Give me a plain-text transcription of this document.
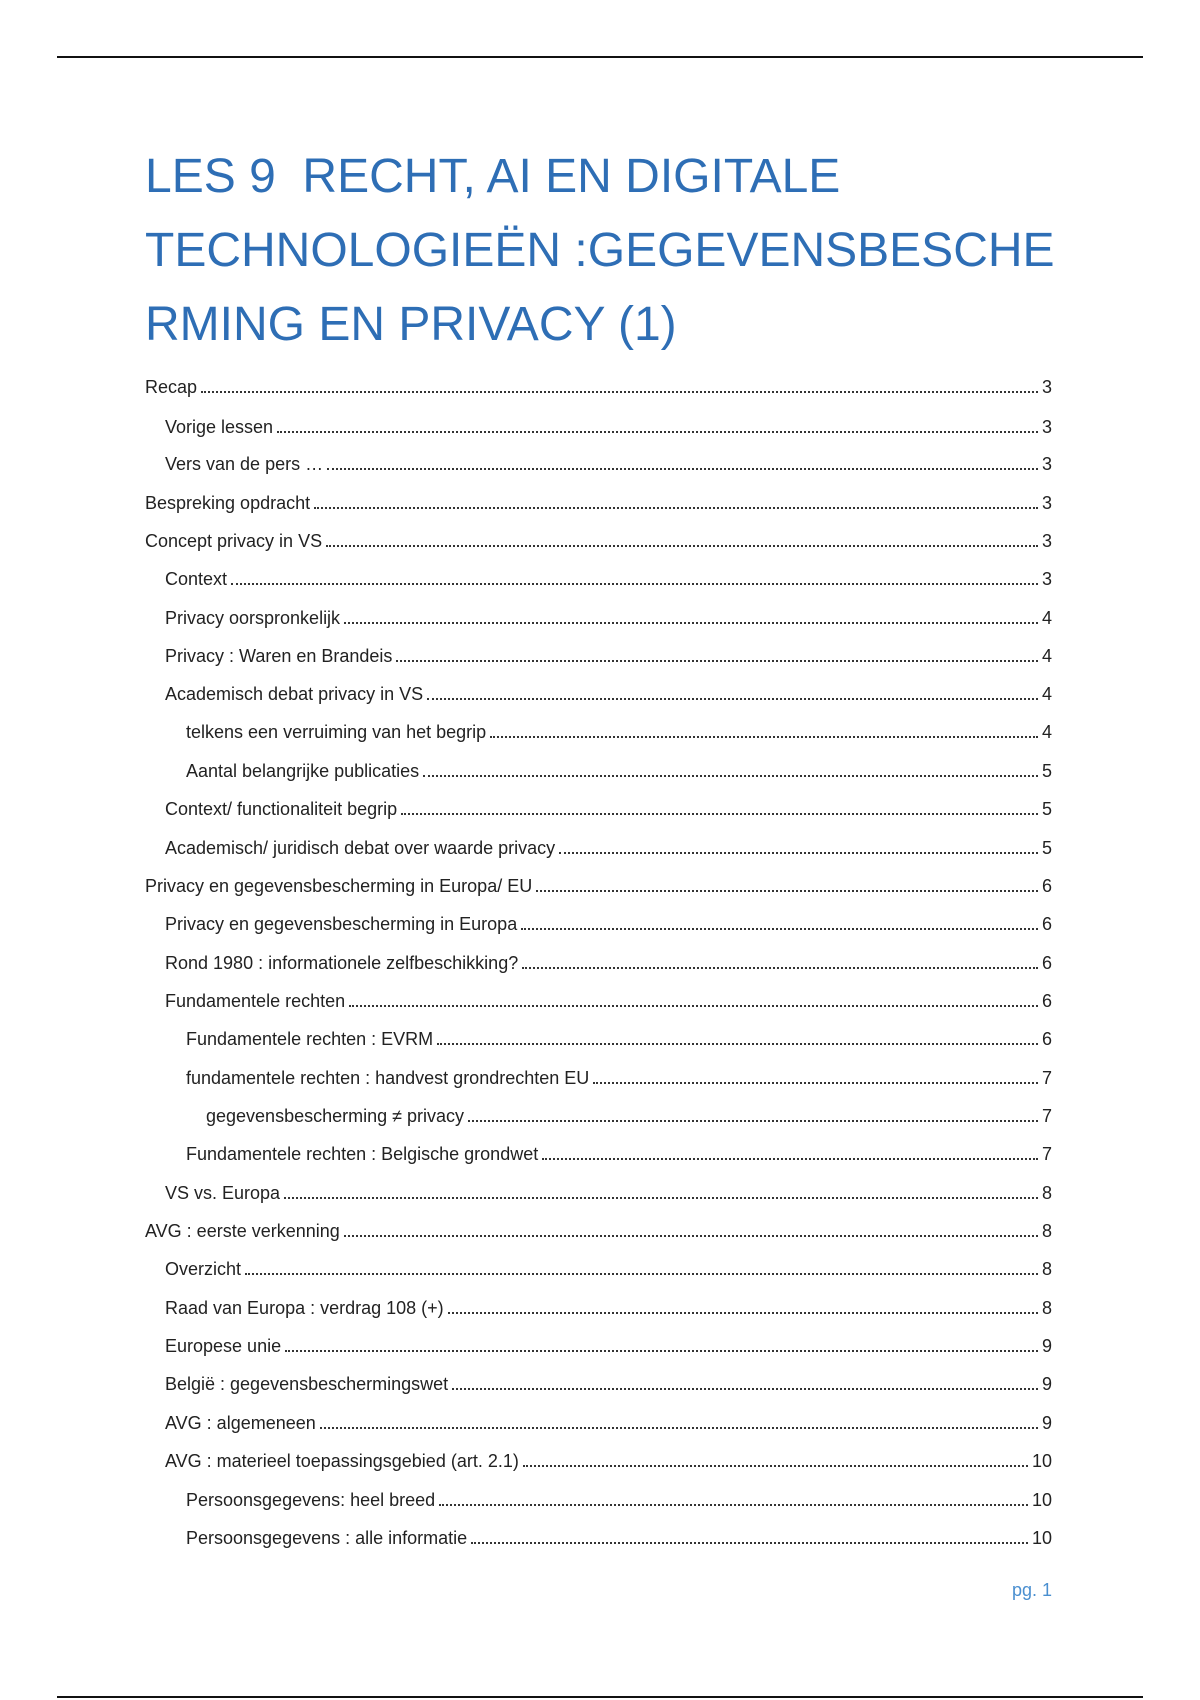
LES 9  RECHT, AI EN DIGITALE
TECHNOLOGIEËN :GEGEVENSBESCHE
RMING EN PRIVACY (1)
Recap	3
Vorige lessen	3
Vers van de pers …	3
Bespreking opdracht	3
Concept privacy in VS	3
Context	3
Privacy oorspronkelijk	4
Privacy : Waren en Brandeis	4
Academisch debat privacy in VS	4
telkens een verruiming van het begrip	4
Aantal belangrijke publicaties	5
Context/ functionaliteit begrip	5
Academisch/ juridisch debat over waarde privacy	5
Privacy en gegevensbescherming in Europa/ EU	6
Privacy en gegevensbescherming in Europa	6
Rond 1980 : informationele zelfbeschikking?	6
Fundamentele rechten	6
Fundamentele rechten : EVRM	6
fundamentele rechten : handvest grondrechten EU	7
gegevensbescherming ≠ privacy	7
Fundamentele rechten : Belgische grondwet	7
VS vs. Europa	8
AVG : eerste verkenning	8
Overzicht	8
Raad van Europa : verdrag 108 (+)	8
Europese unie	9
België : gegevensbeschermingswet	9
AVG : algemeneen	9
AVG : materieel toepassingsgebied (art. 2.1)	10
Persoonsgegevens: heel breed	10
Persoonsgegevens : alle informatie	10
pg. 1
